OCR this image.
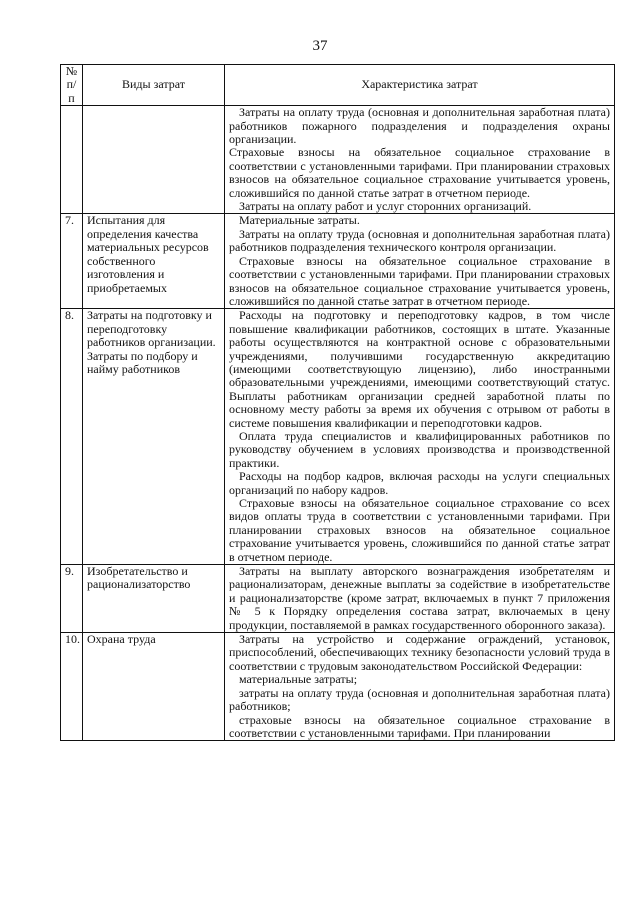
37
№ п/п	Виды затрат	Характеристика затрат

		Затраты на оплату труда (основная и дополнительная заработная плата) работников пожарного подразделения и подразделения охраны организации.

Страховые взносы на обязательное социальное страхование в соответствии с установленными тарифами. При планировании страховых взносов на обязательное социальное страхование учитывается уровень, сложившийся по данной статье затрат в отчетном периоде.

Затраты на оплату работ и услуг сторонних организаций.

7.	Испытания для определения качества материальных ресурсов собственного изготовления и приобретаемых	Материальные затраты.

Затраты на оплату труда (основная и дополнительная заработная плата) работников подразделения технического контроля организации.

Страховые взносы на обязательное социальное страхование в соответствии с установленными тарифами. При планировании страховых взносов на обязательное социальное страхование учитывается уровень, сложившийся по данной статье затрат в отчетном периоде.

8.	Затраты на подготовку и переподготовку работников организации. Затраты по подбору и найму работников	Расходы на подготовку и переподготовку кадров, в том числе повышение квалификации работников, состоящих в штате. Указанные работы осуществляются на контрактной основе с образовательными учреждениями, получившими государственную аккредитацию (имеющими соответствующую лицензию), либо иностранными образовательными учреждениями, имеющими соответствующий статус. Выплаты работникам организации средней заработной платы по основному месту работы за время их обучения с отрывом от работы в системе повышения квалификации и переподготовки кадров.

Оплата труда специалистов и квалифицированных работников по руководству обучением в условиях производства и производственной практики.

Расходы на подбор кадров, включая расходы на услуги специальных организаций по набору кадров.

Страховые взносы на обязательное социальное страхование со всех видов оплаты труда в соответствии с установленными тарифами. При планировании страховых взносов на обязательное социальное страхование учитывается уровень, сложившийся по данной статье затрат в отчетном периоде.

9.	Изобретательство и рационализаторство	Затраты на выплату авторского вознаграждения изобретателям и рационализаторам, денежные выплаты за содействие в изобретательстве и рационализаторстве (кроме затрат, включаемых в пункт 7 приложения № 5 к Порядку определения состава затрат, включаемых в цену продукции, поставляемой в рамках государственного оборонного заказа).

10.	Охрана труда	Затраты на устройство и содержание ограждений, установок, приспособлений, обеспечивающих технику безопасности условий труда в соответствии с трудовым законодательством Российской Федерации:

материальные затраты;

затраты на оплату труда (основная и дополнительная заработная плата) работников;

страховые взносы на обязательное социальное страхование в соответствии с установленными тарифами. При планировании
